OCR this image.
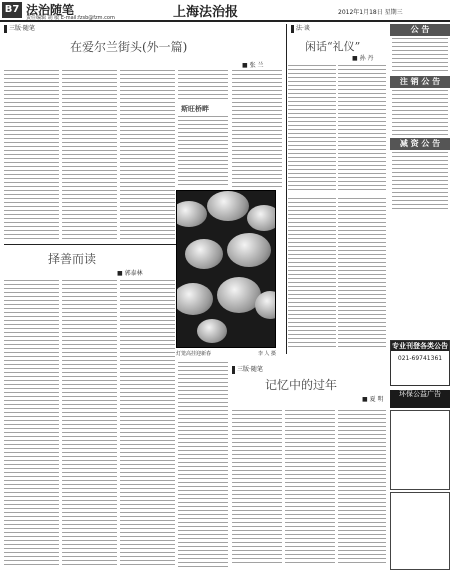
B7 法治随笔
责任编辑 胡 敏 E-mail:fzsb@fzm.com	上海法治报	2012年1月18日 星期三
三版·随笔
在爱尔兰街头(外一篇)
■ 张 兰
斯旺桥畔
法·谈
闲话“礼仪”
■ 孙 丹
择善而读
■ 郭泰林
灯笼高挂迎新春	李 人 摄
三版·随笔
记忆中的过年
■ 夏 明
公 告
注 销 公 告
减 资 公 告
专业刊登各类公告
021-69741361
环保公益广告
